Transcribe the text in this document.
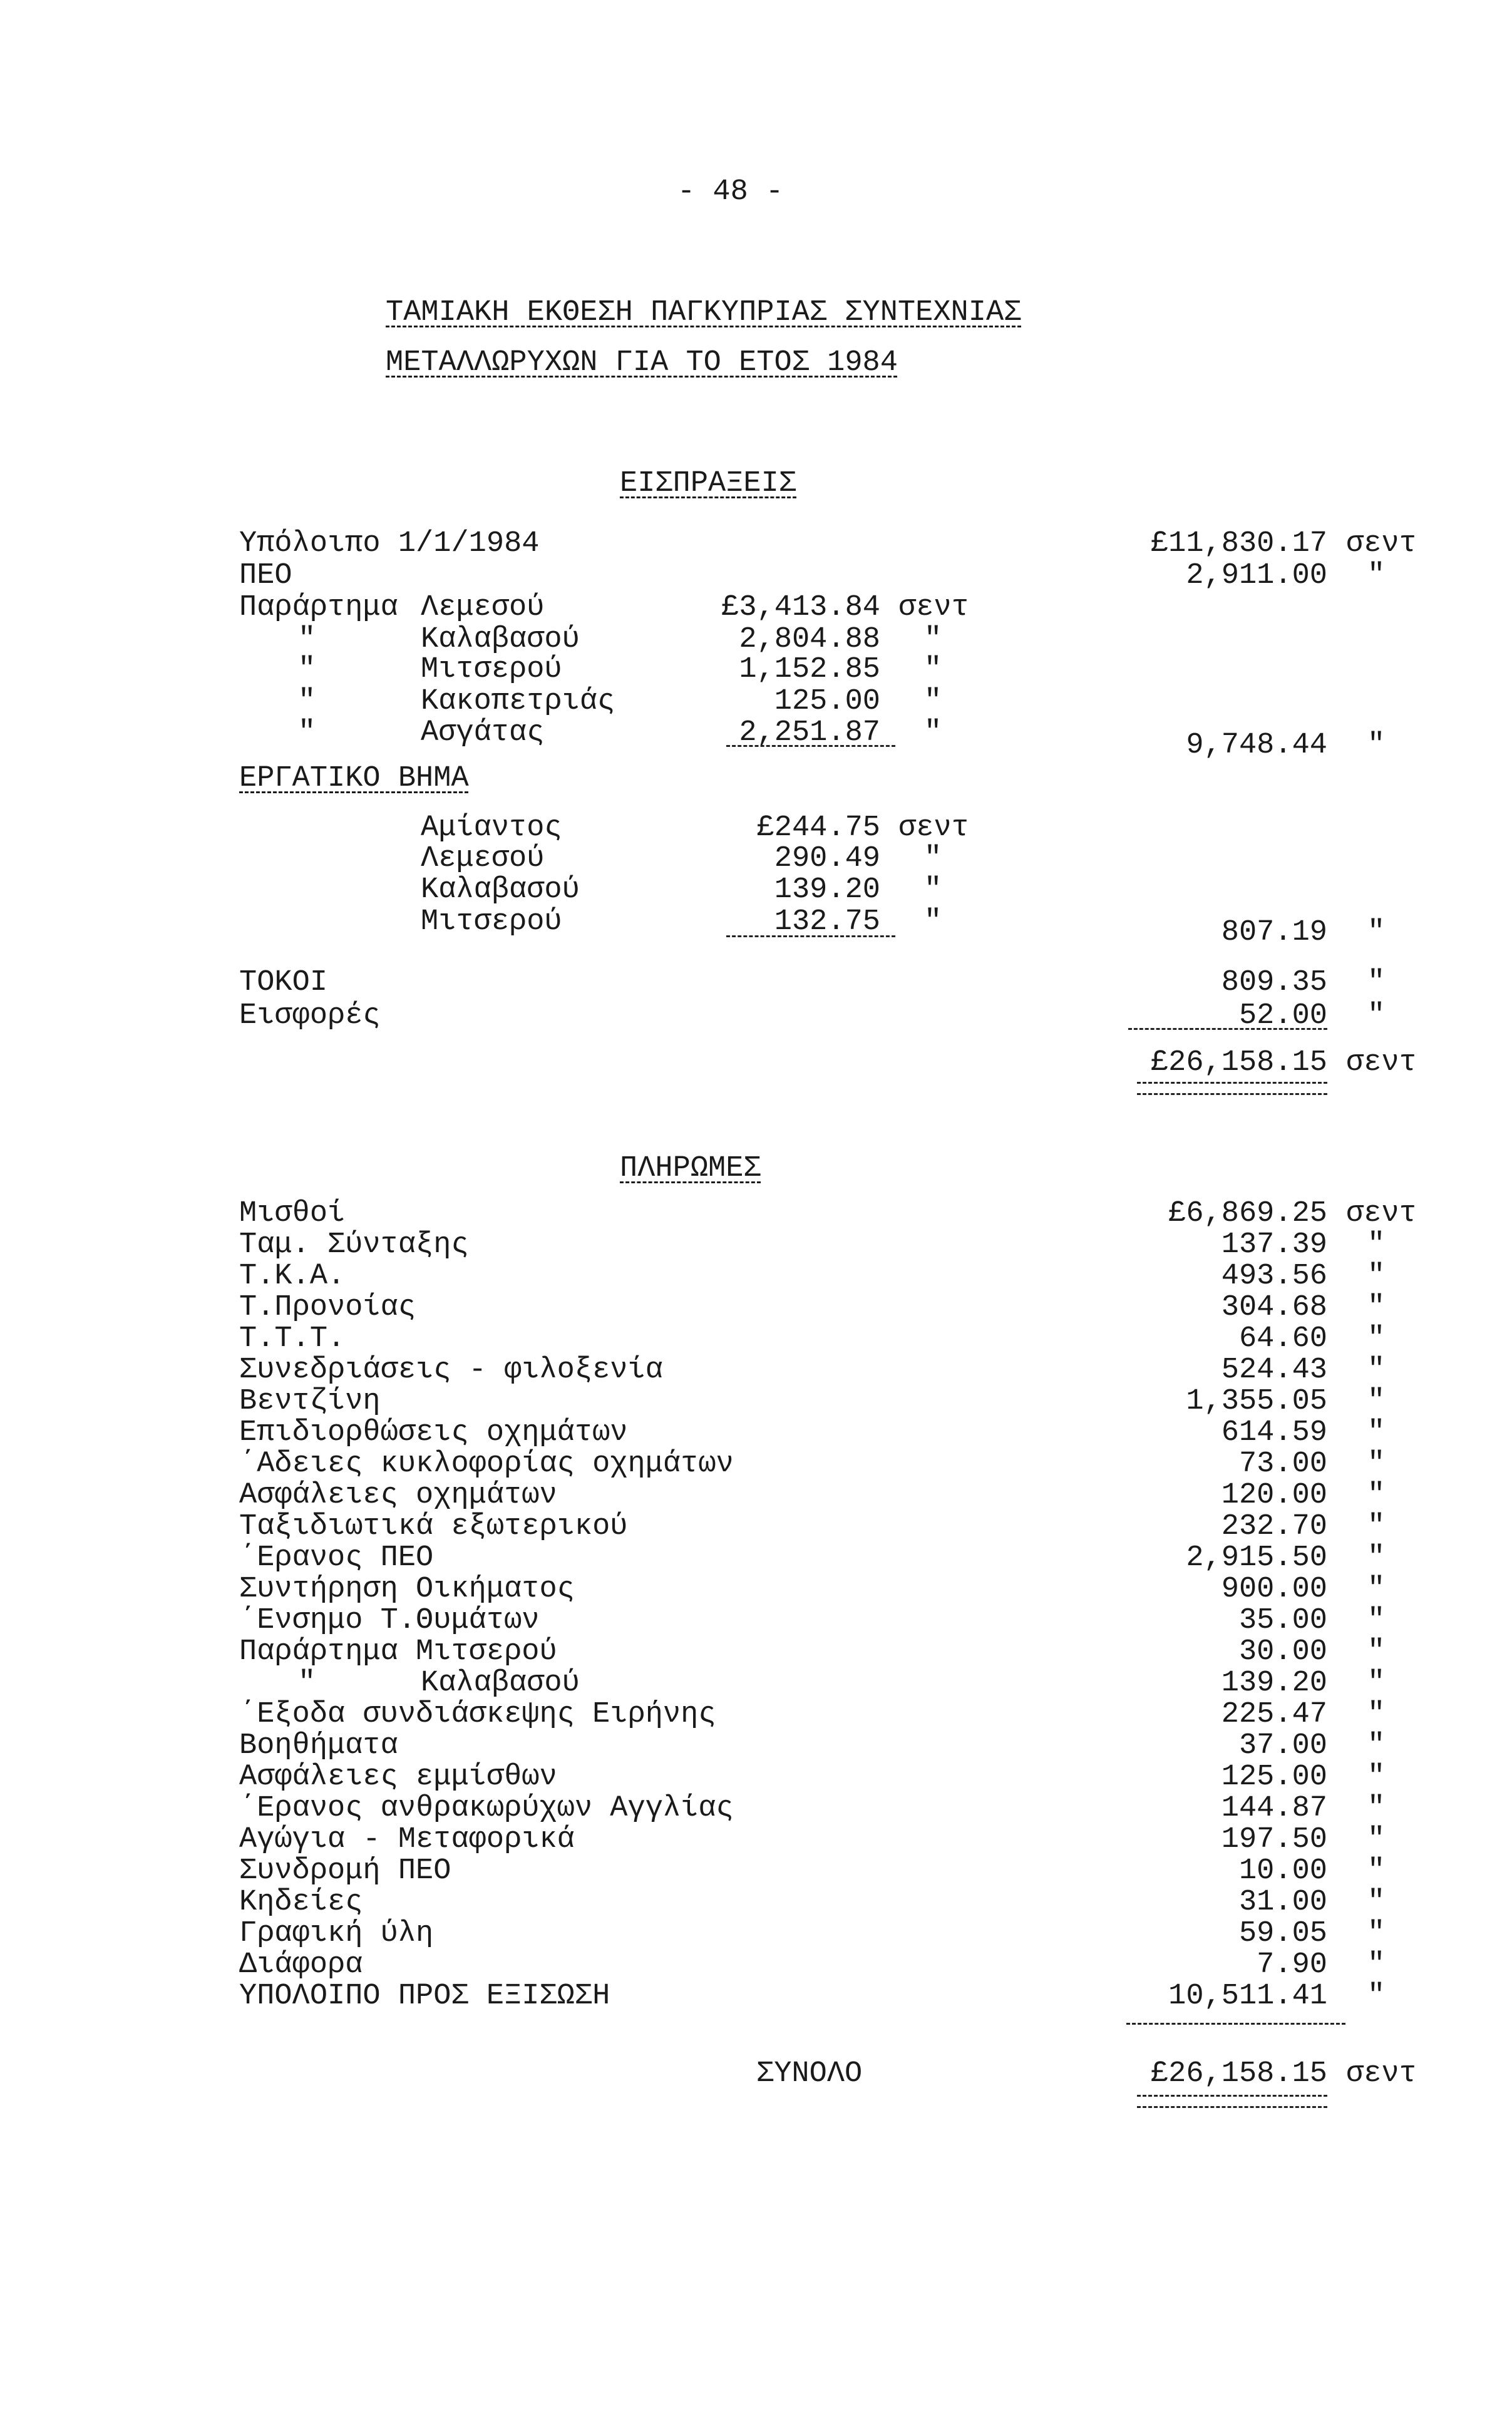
- 48 -
ΤΑΜΙΑΚΗ ΕΚΘΕΣΗ ΠΑΓΚΥΠΡΙΑΣ ΣΥΝΤΕΧΝΙΑΣ
ΜΕΤΑΛΛΩΡΥΧΩΝ ΓΙΑ ΤΟ ΕΤΟΣ 1984
ΕΙΣΠΡΑΞΕΙΣ
Υπόλοιπο 1/1/1984	£11,830.17 σεντ
ΠΕΟ	2,911.00 "
Παράρτημα Λεμεσού	£3,413.84 σεντ
"	Καλαβασού	2,804.88 "
"	Μιτσερού	1,152.85 "
"	Κακοπετριάς	125.00 "
"	Ασγάτας	2,251.87 "	9,748.44 "
ΕΡΓΑΤΙΚΟ ΒΗΜΑ
Αμίαντος	£244.75 σεντ
Λεμεσού	290.49 "
Καλαβασού	139.20 "
Μιτσερού	132.75 "	807.19 "
ΤΟΚΟΙ	809.35 "
Εισφορές	52.00 "
£26,158.15 σεντ
ΠΛΗΡΩΜΕΣ
Μισθοί	£6,869.25 σεντ
Ταμ. Σύνταξης	137.39 "
Τ.Κ.Α.	493.56 "
Τ.Προνοίας	304.68 "
Τ.Τ.Τ.	64.60 "
Συνεδριάσεις - φιλοξενία	524.43 "
Βεντζίνη	1,355.05 "
Επιδιορθώσεις οχημάτων	614.59 "
΄Αδειες κυκλοφορίας οχημάτων	73.00 "
Ασφάλειες οχημάτων	120.00 "
Ταξιδιωτικά εξωτερικού	232.70 "
΄Ερανος ΠΕΟ	2,915.50 "
Συντήρηση Οικήματος	900.00 "
΄Ενσημο Τ.Θυμάτων	35.00 "
Παράρτημα Μιτσερού	30.00 "
"	Καλαβασού	139.20 "
΄Εξοδα συνδιάσκεψης Ειρήνης	225.47 "
Βοηθήματα	37.00 "
Ασφάλειες εμμίσθων	125.00 "
΄Ερανος ανθρακωρύχων Αγγλίας	144.87 "
Αγώγια - Μεταφορικά	197.50 "
Συνδρομή ΠΕΟ	10.00 "
Κηδείες	31.00 "
Γραφική ύλη	59.05 "
Διάφορα	7.90 "
ΥΠΟΛΟΙΠΟ ΠΡΟΣ ΕΞΙΣΩΣΗ	10,511.41 "
ΣΥΝΟΛΟ	£26,158.15 σεντ
